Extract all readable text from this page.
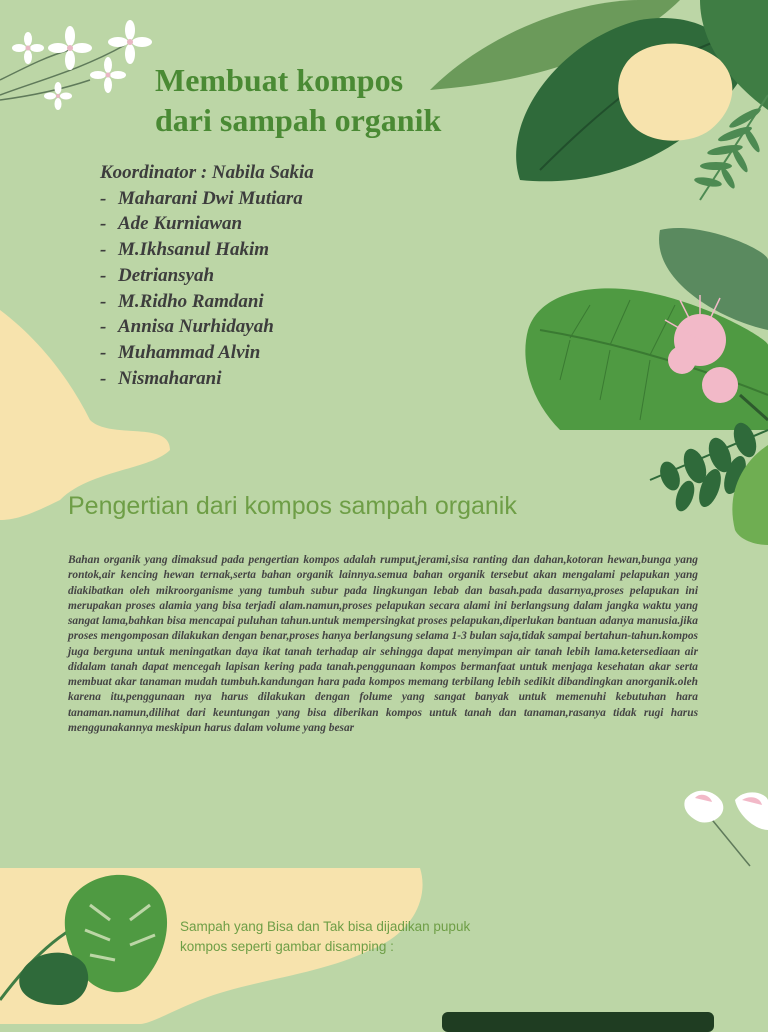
Membuat kompos
dari sampah organik
Koordinator : Nabila Sakia
- Maharani Dwi Mutiara
- Ade Kurniawan
- M.Ikhsanul Hakim
- Detriansyah
- M.Ridho Ramdani
- Annisa Nurhidayah
- Muhammad Alvin
- Nismaharani
Pengertian dari kompos sampah organik

Bahan organik yang dimaksud pada pengertian kompos adalah rumput,jerami,sisa ranting dan dahan,kotoran hewan,bunga yang rontok,air kencing hewan ternak,serta bahan organik lainnya.semua bahan organik tersebut akan mengalami pelapukan yang diakibatkan oleh mikroorganisme yang tumbuh subur pada lingkungan lebab dan basah.pada dasarnya,proses pelapukan ini merupakan proses alamia yang bisa terjadi alam.namun,proses pelapukan secara alami ini berlangsung dalam jangka waktu yang sangat lama,bahkan bisa mencapai puluhan tahun.untuk mempersingkat proses pelapukan,diperlukan bantuan adanya manusia.jika proses mengomposan dilakukan dengan benar,proses hanya berlangsung selama 1-3 bulan saja,tidak sampai bertahun-tahun.kompos juga berguna untuk meningatkan daya ikat tanah terhadap air sehingga dapat menyimpan air tanah lebih lama.ketersediaan air didalam tanah dapat mencegah lapisan kering pada tanah.penggunaan kompos bermanfaat untuk menjaga kesehatan akar serta membuat akar tanaman mudah tumbuh.kandungan hara pada kompos memang terbilang lebih sedikit dibandingkan anorganik.oleh karena itu,penggunaan nya harus dilakukan dengan folume yang sangat banyak untuk memenuhi kebutuhan hara tanaman.namun,dilihat dari keuntungan yang bisa diberikan kompos untuk tanah dan tanaman,rasanya tidak rugi harus menggunakannya meskipun harus dalam volume yang besar

Sampah yang Bisa dan Tak bisa dijadikan pupuk kompos seperti gambar disamping :
